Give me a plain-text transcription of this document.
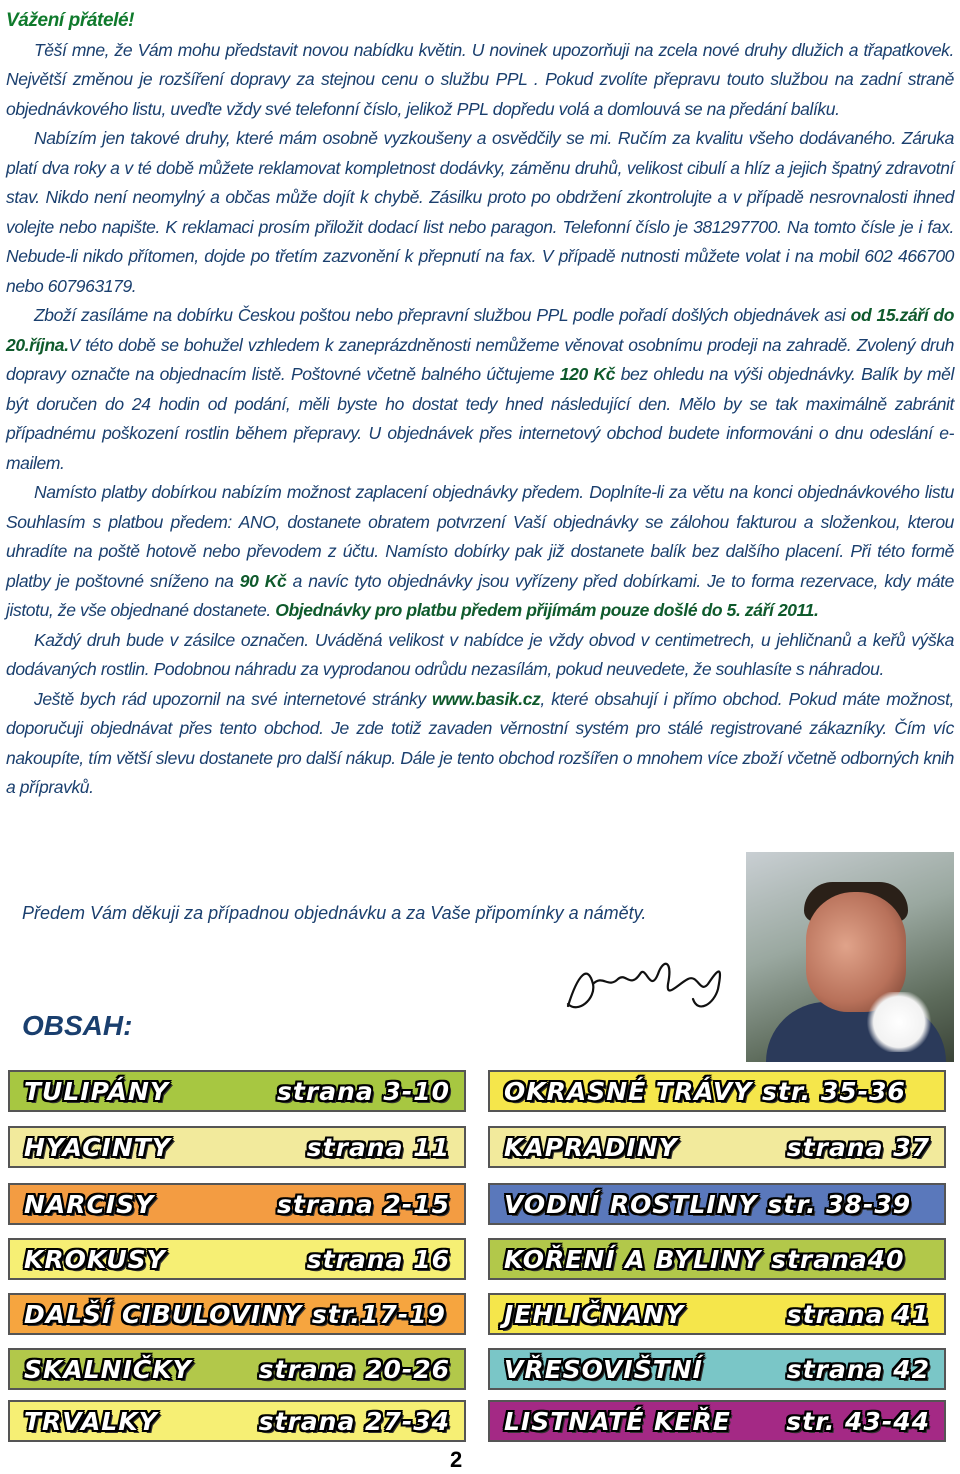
Vážení přátelé!

Těší mne, že Vám mohu představit novou nabídku květin. U novinek upozorňuji na zcela nové druhy dlužich a třapatkovek. Největší změnou je rozšíření dopravy za stejnou cenu o službu PPL . Pokud zvolíte přepravu touto službou na zadní straně objednávkového listu, uveďte vždy své telefonní číslo, jelikož PPL dopředu volá a domlouvá se na předání balíku.

Nabízím jen takové druhy, které mám osobně vyzkoušeny a osvědčily se mi. Ručím za kvalitu všeho dodávaného. Záruka platí dva roky a v té době můžete reklamovat kompletnost dodávky, záměnu druhů, velikost cibulí a hlíz a jejich špatný zdravotní stav. Nikdo není neomylný a občas může dojít k chybě. Zásilku proto po obdržení zkontrolujte a v případě nesrovnalosti ihned volejte nebo napište. K reklamaci prosím přiložit dodací list nebo paragon. Telefonní číslo je 381297700. Na tomto čísle je i fax. Nebude-li nikdo přítomen, dojde po třetím zazvonění k přepnutí na fax. V případě nutnosti můžete volat i na mobil 602 466700 nebo 607963179.

Zboží zasíláme na dobírku Českou poštou nebo přepravní službou PPL podle pořadí došlých objednávek asi od 15.září do 20.října.V této době se bohužel vzhledem k zaneprázdněnosti nemůžeme věnovat osobnímu prodeji na zahradě. Zvolený druh dopravy označte na objednacím listě. Poštovné včetně balného účtujeme 120 Kč bez ohledu na výši objednávky. Balík by měl být doručen do 24 hodin od podání, měli byste ho dostat tedy hned následující den. Mělo by se tak maximálně zabránit případnému poškození rostlin během přepravy. U objednávek přes internetový obchod budete informováni o dnu odeslání e-mailem.

Namísto platby dobírkou nabízím možnost zaplacení objednávky předem. Doplníte-li za větu na konci objednávkového listu Souhlasím s platbou předem: ANO, dostanete obratem potvrzení Vaší objednávky se zálohou fakturou a složenkou, kterou uhradíte na poště hotově nebo převodem z účtu. Namísto dobírky pak již dostanete balík bez dalšího placení. Při této formě platby je poštovné sníženo na 90 Kč a navíc tyto objednávky jsou vyřízeny před dobírkami. Je to forma rezervace, kdy máte jistotu, že vše objednané dostanete. Objednávky pro platbu předem přijímám pouze došlé do 5. září 2011.

Každý druh bude v zásilce označen. Uváděná velikost v nabídce je vždy obvod v centimetrech, u jehličnanů a keřů výška dodávaných rostlin. Podobnou náhradu za vyprodanou odrůdu nezasílám, pokud neuvedete, že souhlasíte s náhradou.

Ještě bych rád upozornil na své internetové stránky www.basik.cz, které obsahují i přímo obchod. Pokud máte možnost, doporučuji objednávat přes tento obchod. Je zde totiž zavaden věrnostní systém pro stálé registrované zákazníky. Čím víc nakoupíte, tím větší slevu dostanete pro další nákup. Dále je tento obchod rozšířen o mnohem více zboží včetně odborných knih a přípravků.

Předem Vám děkuji za případnou objednávku a za Vaše připomínky a náměty.
OBSAH:
TULIPÁNY	strana 3-10
HYACINTY	strana 11
NARCISY	strana 2-15
KROKUSY	strana 16
DALŠÍ CIBULOVINY str.17-19
SKALNIČKY	strana 20-26
TRVALKY	strana 27-34
OKRASNÉ TRÁVY str. 35-36
KAPRADINY	strana 37
VODNÍ ROSTLINY str. 38-39
KOŘENÍ A BYLINY strana40
JEHLIČNANY	strana 41
VŘESOVIŠTNÍ	strana 42
LISTNATÉ KEŘE str. 43-44
2
